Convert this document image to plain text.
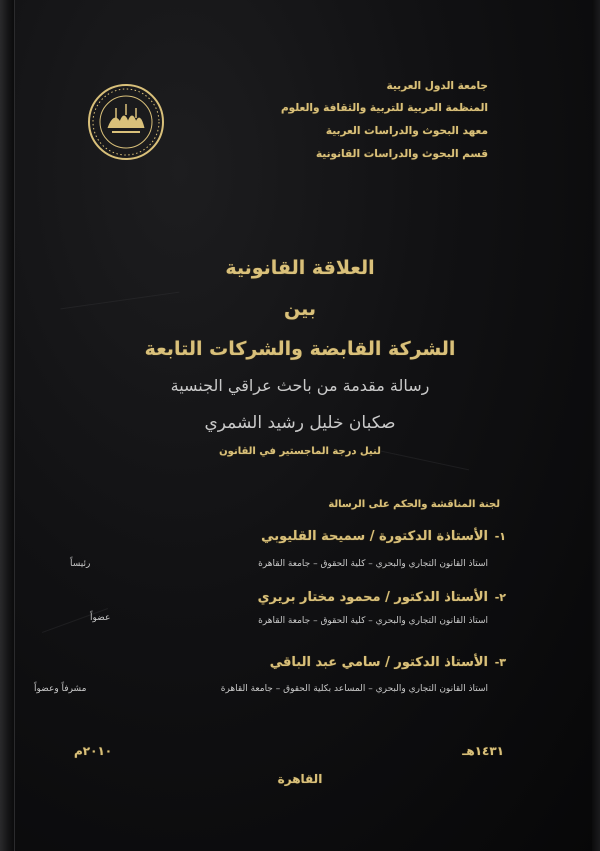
جامعة الدول العربية
المنظمة العربية للتربية والثقافة والعلوم
معهد البحوث والدراسات العربية
قسم البحوث والدراسات القانونية
العلاقة القانونية
بين
الشركة القابضة والشركات التابعة
رسالة مقدمة من باحث عراقي الجنسية
صكبان خليل رشيد الشمري
لنيل درجة الماجستير في القانون
لجنة المناقشة والحكم على الرسالة
١-
الأستاذة الدكتورة / سميحة القليوبي
استاذ القانون التجاري والبحري – كلية الحقوق – جامعة القاهرة
رئيساً
٢-
الأستاذ الدكتور / محمود مختار بريري
استاذ القانون التجاري والبحري – كلية الحقوق – جامعة القاهرة
عضواً
٣-
الأستاذ الدكتور / سامي عبد الباقي
استاذ القانون التجاري والبحري – المساعد بكلية الحقوق – جامعة القاهرة
مشرفاً وعضواً
١٤٣١هـ
٢٠١٠م
القاهرة
